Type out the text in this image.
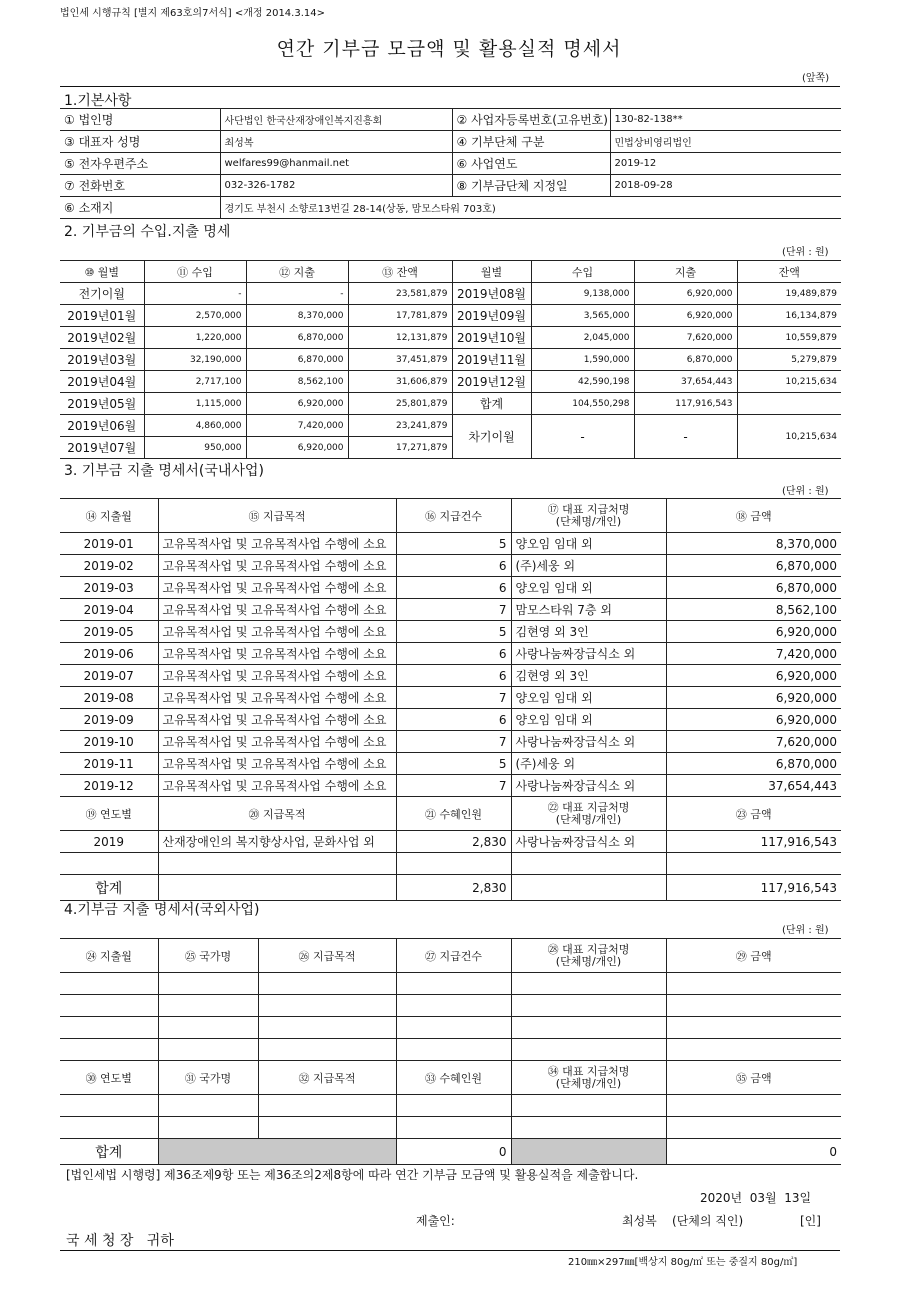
법인세 시행규칙 [별지 제63호의7서식] <개정 2014.3.14>
연간 기부금 모금액 및 활용실적 명세서
(앞쪽)
1.기본사항
① 법인명	사단법인 한국산재장애인복지진흥회	② 사업자등록번호(고유번호)	130-82-138**
③ 대표자 성명	최성복	④ 기부단체 구분	민법상비영리법인
⑤ 전자우편주소	welfares99@hanmail.net	⑥ 사업연도	2019-12
⑦ 전화번호	032-326-1782	⑧ 기부금단체 지정일	2018-09-28
⑥ 소재지	경기도 부천시 소향로13번길 28-14(상동, 맘모스타워 703호)		
2. 기부금의 수입.지출 명세
(단위 : 원)
⑩ 월별	⑪ 수입	⑫ 지출	⑬ 잔액	월별	수입	지출	잔액
전기이월	-	-	23,581,879	2019년08월	9,138,000	6,920,000	19,489,879
2019년01월	2,570,000	8,370,000	17,781,879	2019년09월	3,565,000	6,920,000	16,134,879
2019년02월	1,220,000	6,870,000	12,131,879	2019년10월	2,045,000	7,620,000	10,559,879
2019년03월	32,190,000	6,870,000	37,451,879	2019년11월	1,590,000	6,870,000	5,279,879
2019년04월	2,717,100	8,562,100	31,606,879	2019년12월	42,590,198	37,654,443	10,215,634
2019년05월	1,115,000	6,920,000	25,801,879	합계	104,550,298	117,916,543	
2019년06월	4,860,000	7,420,000	23,241,879	차기이월	-	-	10,215,634
2019년07월	950,000	6,920,000	17,271,879				
3. 기부금 지출 명세서(국내사업)
(단위 : 원)
⑭ 지출월	⑮ 지급목적	⑯ 지급건수	⑰ 대표 지급처명
(단체명/개인)	⑱ 금액
2019-01	고유목적사업 및 고유목적사업 수행에 소요	5	양오임 임대 외	8,370,000
2019-02	고유목적사업 및 고유목적사업 수행에 소요	6	(주)세웅 외	6,870,000
2019-03	고유목적사업 및 고유목적사업 수행에 소요	6	양오임 임대 외	6,870,000
2019-04	고유목적사업 및 고유목적사업 수행에 소요	7	맘모스타워 7층 외	8,562,100
2019-05	고유목적사업 및 고유목적사업 수행에 소요	5	김현영 외 3인	6,920,000
2019-06	고유목적사업 및 고유목적사업 수행에 소요	6	사랑나눔짜장급식소 외	7,420,000
2019-07	고유목적사업 및 고유목적사업 수행에 소요	6	김현영 외 3인	6,920,000
2019-08	고유목적사업 및 고유목적사업 수행에 소요	7	양오임 임대 외	6,920,000
2019-09	고유목적사업 및 고유목적사업 수행에 소요	6	양오임 임대 외	6,920,000
2019-10	고유목적사업 및 고유목적사업 수행에 소요	7	사랑나눔짜장급식소 외	7,620,000
2019-11	고유목적사업 및 고유목적사업 수행에 소요	5	(주)세웅 외	6,870,000
2019-12	고유목적사업 및 고유목적사업 수행에 소요	7	사랑나눔짜장급식소 외	37,654,443
⑲ 연도별	⑳ 지급목적	㉑ 수혜인원	㉒ 대표 지급처명
(단체명/개인)	㉓ 금액
2019	산재장애인의 복지향상사업, 문화사업 외	2,830	사랑나눔짜장급식소 외	117,916,543

합계		2,830		117,916,543
4.기부금 지출 명세서(국외사업)
(단위 : 원)
㉔ 지출월	㉕ 국가명	㉖ 지급목적	㉗ 지급건수	㉘ 대표 지급처명
(단체명/개인)	㉙ 금액

㉚ 연도별	㉛ 국가명	㉜ 지급목적	㉝ 수혜인원	㉞ 대표 지급처명
(단체명/개인)	㉟ 금액

합계			0		0
[법인세법 시행령] 제36조제9항 또는 제36조의2제8항에 따라 연간 기부금 모금액 및 활용실적을 제출합니다.
2020년  03월  13일
제출인:	최성복    (단체의 직인)	[인]
국 세 청 장   귀하
210㎜×297㎜[백상지 80g/㎡ 또는 중질지 80g/㎡]
